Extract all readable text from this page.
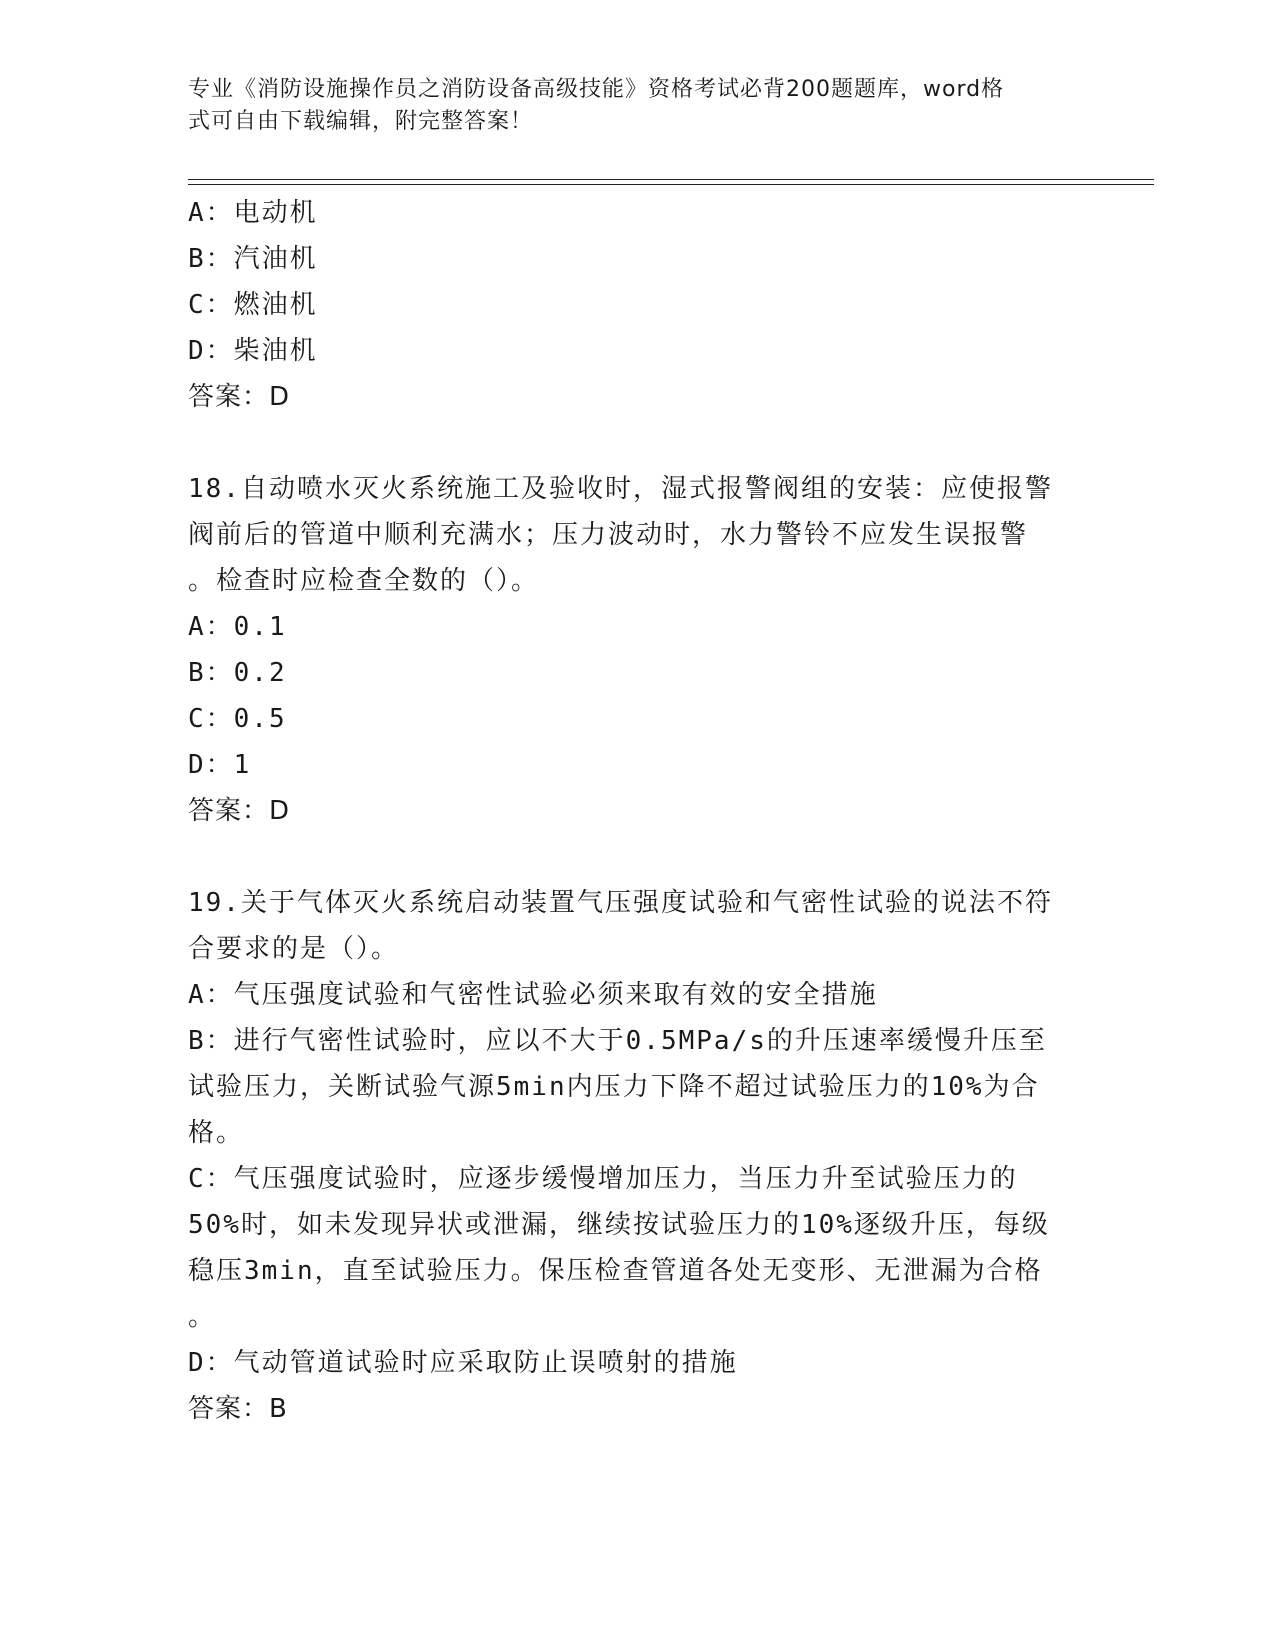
专业《消防设施操作员之消防设备高级技能》资格考试必背200题题库，word格
式可自由下载编辑，附完整答案！
A：电动机
B：汽油机
C：燃油机
D：柴油机
答案：D
18.自动喷水灭火系统施工及验收时，湿式报警阀组的安装：应使报警
阀前后的管道中顺利充满水；压力波动时，水力警铃不应发生误报警
。检查时应检查全数的（）。
A：0.1
B：0.2
C：0.5
D：1
答案：D
19.关于气体灭火系统启动装置气压强度试验和气密性试验的说法不符
合要求的是（）。
A：气压强度试验和气密性试验必须来取有效的安全措施
B：进行气密性试验时，应以不大于0.5MPa/s的升压速率缓慢升压至
试验压力，关断试验气源5min内压力下降不超过试验压力的10%为合
格。
C：气压强度试验时，应逐步缓慢增加压力，当压力升至试验压力的
50%时，如未发现异状或泄漏，继续按试验压力的10%逐级升压，每级
稳压3min，直至试验压力。保压检查管道各处无变形、无泄漏为合格
。
D：气动管道试验时应采取防止误喷射的措施
答案：B
